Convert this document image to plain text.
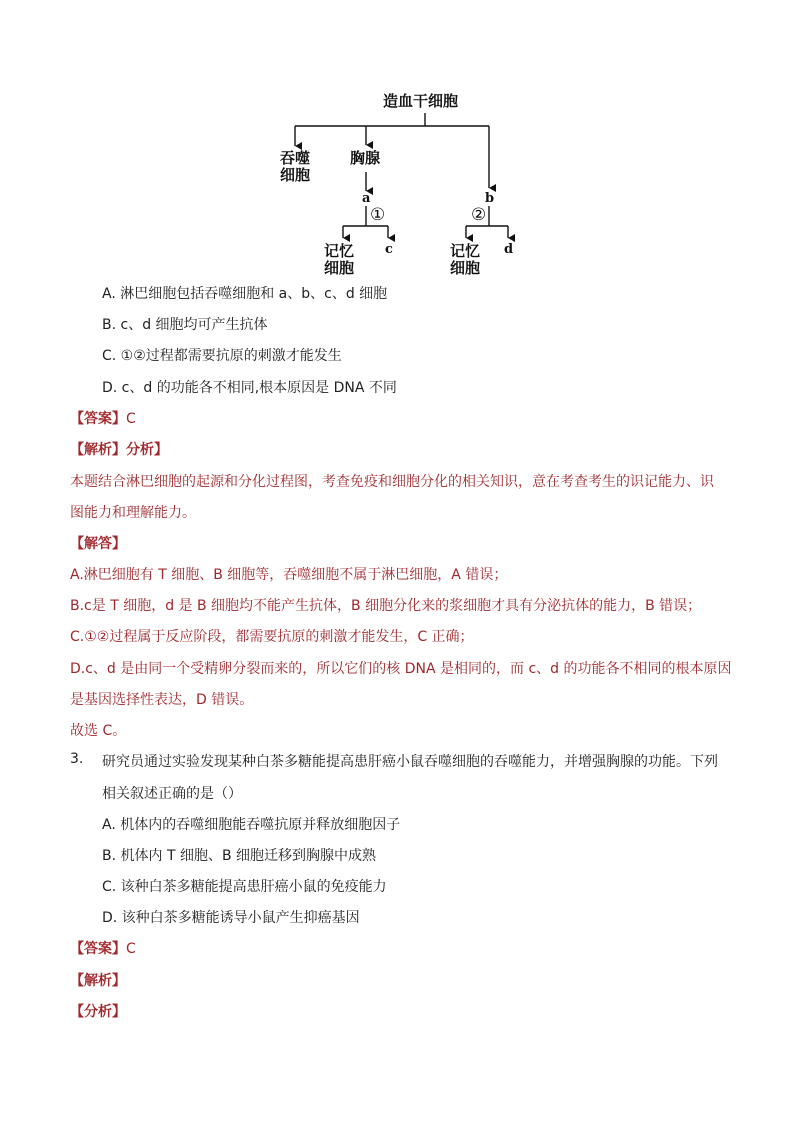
造血干细胞
吞噬
细胞
胸腺
a	b
①	②
c	d
记忆
细胞
记忆
细胞
A. 淋巴细胞包括吞噬细胞和 a、b、c、d 细胞
B. c、d 细胞均可产生抗体
C. ①②过程都需要抗原的刺激才能发生
D. c、d 的功能各不相同,根本原因是 DNA 不同
【答案】C
【解析】分析】
本题结合淋巴细胞的起源和分化过程图，考查免疫和细胞分化的相关知识，意在考查考生的识记能力、识
图能力和理解能力。
【解答】
A.淋巴细胞有 T 细胞、B 细胞等，吞噬细胞不属于淋巴细胞，A 错误；
B.c是 T 细胞，d 是 B 细胞均不能产生抗体，B 细胞分化来的浆细胞才具有分泌抗体的能力，B 错误；
C.①②过程属于反应阶段，都需要抗原的刺激才能发生，C 正确；
D.c、d 是由同一个受精卵分裂而来的，所以它们的核 DNA 是相同的，而 c、d 的功能各不相同的根本原因
是基因选择性表达，D 错误。
故选 C。
3. 研究员通过实验发现某种白茶多糖能提高患肝癌小鼠吞噬细胞的吞噬能力，并增强胸腺的功能。下列
相关叙述正确的是（）
A. 机体内的吞噬细胞能吞噬抗原并释放细胞因子
B. 机体内 T 细胞、B 细胞迁移到胸腺中成熟
C. 该种白茶多糖能提高患肝癌小鼠的免疫能力
D. 该种白茶多糖能诱导小鼠产生抑癌基因
【答案】C
【解析】
【分析】
